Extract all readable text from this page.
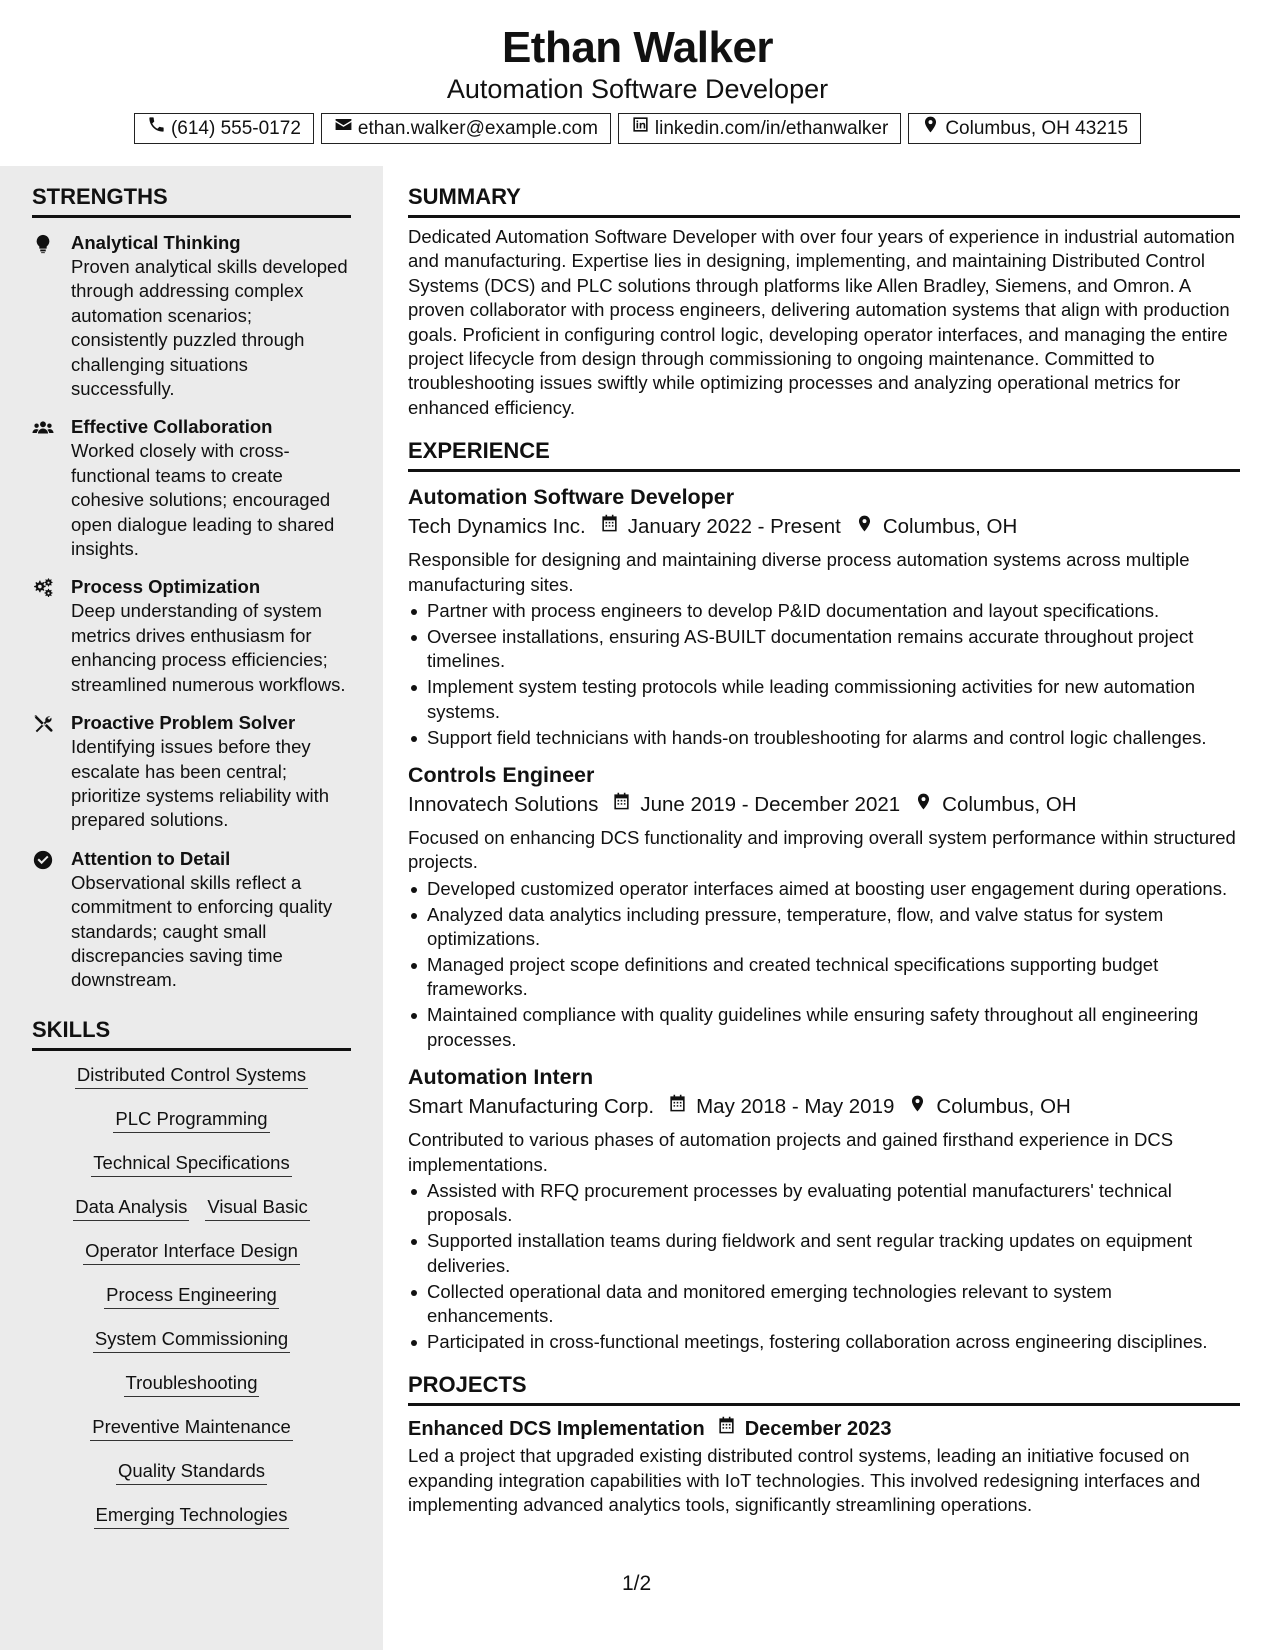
Ethan Walker
Automation Software Developer
(614) 555-0172	ethan.walker@example.com	linkedin.com/in/ethanwalker	Columbus, OH 43215
STRENGTHS
Analytical Thinking
Proven analytical skills developed through addressing complex automation scenarios; consistently puzzled through challenging situations successfully.
Effective Collaboration
Worked closely with cross-functional teams to create cohesive solutions; encouraged open dialogue leading to shared insights.
Process Optimization
Deep understanding of system metrics drives enthusiasm for enhancing process efficiencies; streamlined numerous workflows.
Proactive Problem Solver
Identifying issues before they escalate has been central; prioritize systems reliability with prepared solutions.
Attention to Detail
Observational skills reflect a commitment to enforcing quality standards; caught small discrepancies saving time downstream.
SKILLS
Distributed Control Systems
PLC Programming
Technical Specifications
Data Analysis Visual Basic
Operator Interface Design
Process Engineering
System Commissioning
Troubleshooting
Preventive Maintenance
Quality Standards
Emerging Technologies
SUMMARY
Dedicated Automation Software Developer with over four years of experience in industrial automation and manufacturing. Expertise lies in designing, implementing, and maintaining Distributed Control Systems (DCS) and PLC solutions through platforms like Allen Bradley, Siemens, and Omron. A proven collaborator with process engineers, delivering automation systems that align with production goals. Proficient in configuring control logic, developing operator interfaces, and managing the entire project lifecycle from design through commissioning to ongoing maintenance. Committed to troubleshooting issues swiftly while optimizing processes and analyzing operational metrics for enhanced efficiency.
EXPERIENCE
Automation Software Developer
Tech Dynamics Inc. January 2022 - Present Columbus, OH
Responsible for designing and maintaining diverse process automation systems across multiple manufacturing sites.
Partner with process engineers to develop P&ID documentation and layout specifications.
Oversee installations, ensuring AS-BUILT documentation remains accurate throughout project timelines.
Implement system testing protocols while leading commissioning activities for new automation systems.
Support field technicians with hands-on troubleshooting for alarms and control logic challenges.
Controls Engineer
Innovatech Solutions June 2019 - December 2021 Columbus, OH
Focused on enhancing DCS functionality and improving overall system performance within structured projects.
Developed customized operator interfaces aimed at boosting user engagement during operations.
Analyzed data analytics including pressure, temperature, flow, and valve status for system optimizations.
Managed project scope definitions and created technical specifications supporting budget frameworks.
Maintained compliance with quality guidelines while ensuring safety throughout all engineering processes.
Automation Intern
Smart Manufacturing Corp. May 2018 - May 2019 Columbus, OH
Contributed to various phases of automation projects and gained firsthand experience in DCS implementations.
Assisted with RFQ procurement processes by evaluating potential manufacturers' technical proposals.
Supported installation teams during fieldwork and sent regular tracking updates on equipment deliveries.
Collected operational data and monitored emerging technologies relevant to system enhancements.
Participated in cross-functional meetings, fostering collaboration across engineering disciplines.
PROJECTS
Enhanced DCS Implementation December 2023
Led a project that upgraded existing distributed control systems, leading an initiative focused on expanding integration capabilities with IoT technologies. This involved redesigning interfaces and implementing advanced analytics tools, significantly streamlining operations.
1/2
